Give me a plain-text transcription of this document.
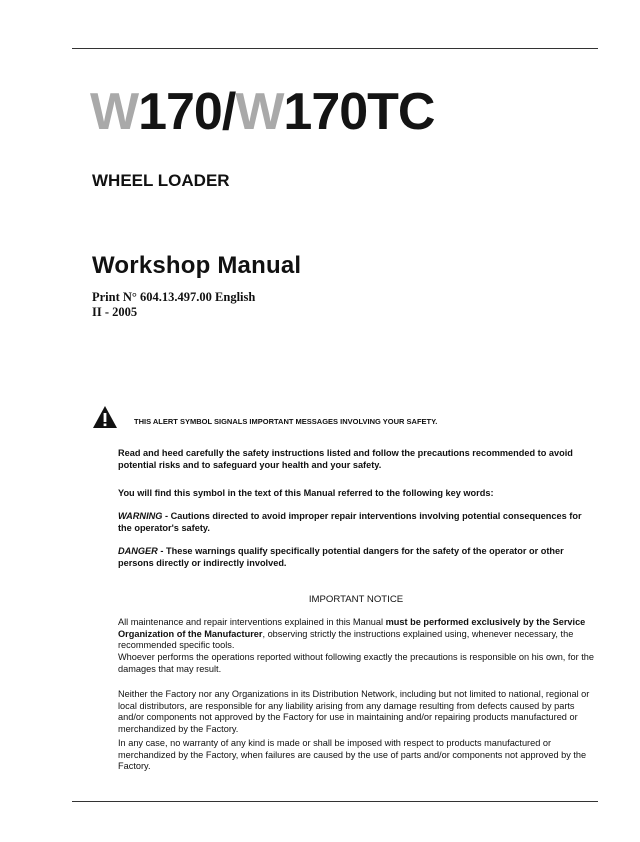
W170/W170TC
WHEEL LOADER
Workshop Manual
Print N° 604.13.497.00 English
II - 2005
THIS ALERT SYMBOL SIGNALS IMPORTANT MESSAGES INVOLVING YOUR SAFETY.
Read and heed carefully the safety instructions listed and follow the precautions recommended to avoid potential risks and to safeguard your health and your safety.
You will find this symbol in the text of this Manual referred to the following key words:
WARNING - Cautions directed to avoid improper repair interventions involving potential consequences for the operator's safety.
DANGER - These warnings qualify specifically potential dangers for the safety of the operator or other persons directly or indirectly involved.
IMPORTANT NOTICE
All maintenance and repair interventions explained in this Manual must be performed exclusively by the Service Organization of the Manufacturer, observing strictly the instructions explained using, whenever necessary, the recommended specific tools.
Whoever performs the operations reported without following exactly the precautions is responsible on his own, for the damages that may result.
Neither the Factory nor any Organizations in its Distribution Network, including but not limited to national, regional or local distributors, are responsible for any liability arising from any damage resulting from defects caused by parts and/or components not approved by the Factory for use in maintaining and/or repairing products manufactured or merchandized by the Factory.
In any case, no warranty of any kind is made or shall be imposed with respect to products manufactured or merchandized by the Factory, when failures are caused by the use of parts and/or components not approved by the Factory.
